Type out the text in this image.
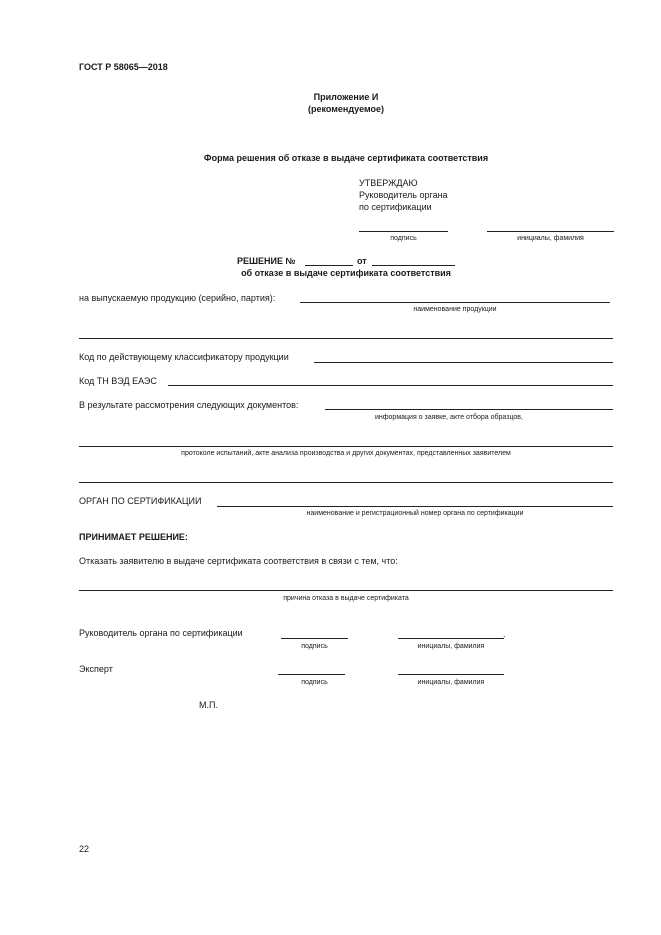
ГОСТ Р 58065—2018
Приложение И
(рекомендуемое)
Форма решения об отказе в выдаче сертификата соответствия
УТВЕРЖДАЮ
Руководитель органа
по сертификации
подпись	инициалы, фамилия
РЕШЕНИЕ №	от
об отказе в выдаче сертификата соответствия
на выпускаемую продукцию (серийно, партия):
наименование продукции
Код по действующему классификатору продукции
Код ТН ВЭД ЕАЭС
В результате рассмотрения следующих документов:
информация о заявке, акте отбора образцов,
протоколе испытаний, акте анализа производства и других документах, представленных заявителем
ОРГАН ПО СЕРТИФИКАЦИИ
наименование и регистрационный номер органа по сертификации
ПРИНИМАЕТ РЕШЕНИЕ:
Отказать заявителю в выдаче сертификата соответствия в связи с тем, что:
причина отказа в выдаче сертификата
Руководитель органа по сертификации	.
подпись	инициалы, фамилия
Эксперт
подпись	инициалы, фамилия
М.П.
22
